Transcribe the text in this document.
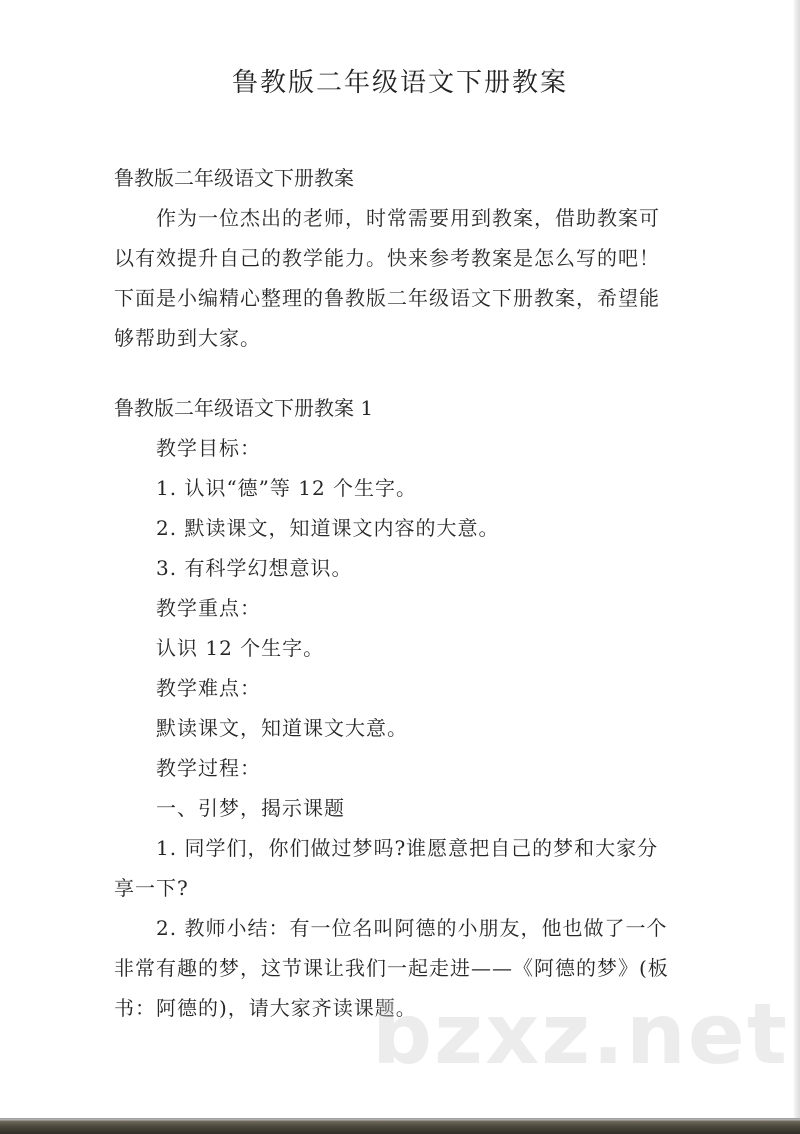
鲁教版二年级语文下册教案
鲁教版二年级语文下册教案
作为一位杰出的老师，时常需要用到教案，借助教案可
以有效提升自己的教学能力。快来参考教案是怎么写的吧！
下面是小编精心整理的鲁教版二年级语文下册教案，希望能
够帮助到大家。
鲁教版二年级语文下册教案 1
教学目标：
1. 认识“德”等 12 个生字。
2. 默读课文，知道课文内容的大意。
3. 有科学幻想意识。
教学重点：
认识 12 个生字。
教学难点：
默读课文，知道课文大意。
教学过程：
一、引梦，揭示课题
1. 同学们，你们做过梦吗?谁愿意把自己的梦和大家分
享一下?
2. 教师小结：有一位名叫阿德的小朋友，他也做了一个
非常有趣的梦，这节课让我们一起走进——《阿德的梦》(板
书：阿德的)，请大家齐读课题。
bzxz.net
